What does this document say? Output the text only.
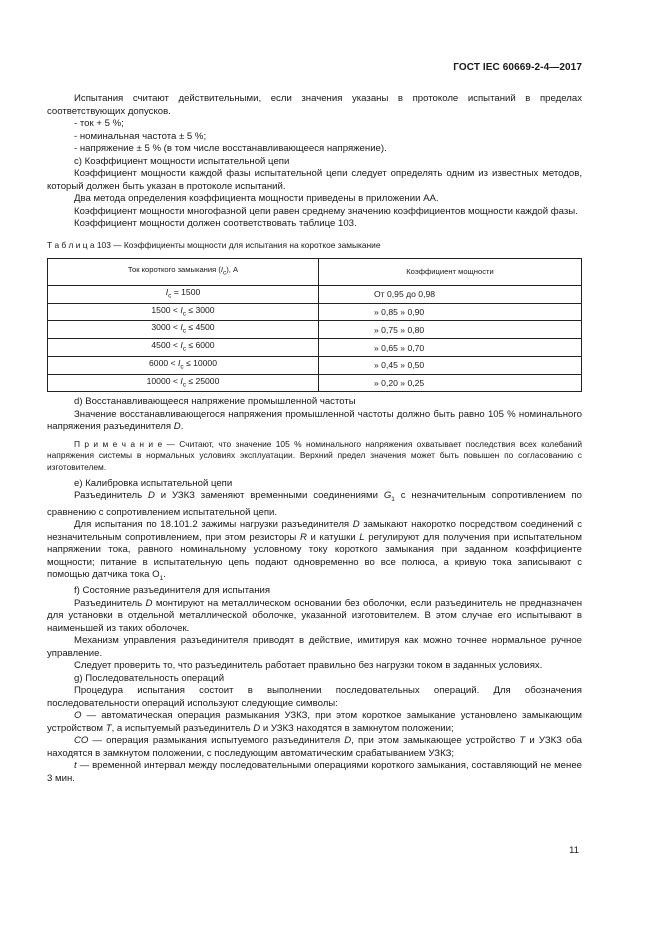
ГОСТ IEC 60669-2-4—2017

Испытания считают действительными, если значения указаны в протоколе испытаний в пределах соответствующих допусков.

- ток + 5 %;

- номинальная частота ± 5 %;

- напряжение ± 5 % (в том числе восстанавливающееся напряжение).

с) Коэффициент мощности испытательной цепи

Коэффициент мощности каждой фазы испытательной цепи следует определять одним из известных методов, который должен быть указан в протоколе испытаний.

Два метода определения коэффициента мощности приведены в приложении АА.

Коэффициент мощности многофазной цепи равен среднему значению коэффициентов мощности каждой фазы.

Коэффициент мощности должен соответствовать таблице 103.

Т а б л и ц а 103 — Коэффициенты мощности для испытания на короткое замыкание

Ток короткого замыкания $(I_с)$, А	Коэффициент мощности
$I_с = 1500$	От 0,95 до 0,98
$1500 < I_с \le 3000$	» 0,85 » 0,90
$3000 < I_с \le 4500$	» 0,75 » 0,80
$4500 < I_с \le 6000$	» 0,65 » 0,70
$6000 < I_с \le 10000$	» 0,45 » 0,50
$10000 < I_с \le 25000$	» 0,20 » 0,25

d) Восстанавливающееся напряжение промышленной частоты

Значение восстанавливающегося напряжения промышленной частоты должно быть равно 105 % номинального напряжения разъединителя D.

П р и м е ч а н и е — Считают, что значение 105 % номинального напряжения охватывает последствия всех колебаний напряжения системы в нормальных условиях эксплуатации. Верхний предел значения может быть повышен по согласованию с изготовителем.

е) Калибровка испытательной цепи

Разъединитель D и УЗКЗ заменяют временными соединениями $G_1$ с незначительным сопротивлением по сравнению с сопротивлением испытательной цепи.

Для испытания по 18.101.2 зажимы нагрузки разъединителя D замыкают накоротко посредством соединений с незначительным сопротивлением, при этом резисторы R и катушки L регулируют для получения при испытательном напряжении тока, равного номинальному условному току короткого замыкания при заданном коэффициенте мощности; питание в испытательную цепь подают одновременно во все полюса, а кривую тока записывают с помощью датчика тока $О_1$.

f) Состояние разъединителя для испытания

Разъединитель D монтируют на металлическом основании без оболочки, если разъединитель не предназначен для установки в отдельной металлической оболочке, указанной изготовителем. В этом случае его испытывают в наименьшей из таких оболочек.

Механизм управления разъединителя приводят в действие, имитируя как можно точнее нормальное ручное управление.

Следует проверить то, что разъединитель работает правильно без нагрузки током в заданных условиях.

g) Последовательность операций

Процедура испытания состоит в выполнении последовательных операций. Для обозначения последовательности операций используют следующие символы:

О — автоматическая операция размыкания УЗКЗ, при этом короткое замыкание установлено замыкающим устройством Т, а испытуемый разъединитель D и УЗКЗ находятся в замкнутом положении;

СО — операция размыкания испытуемого разъединителя D, при этом замыкающее устройство Т и УЗКЗ оба находятся в замкнутом положении, с последующим автоматическим срабатыванием УЗКЗ;

t — временной интервал между последовательными операциями короткого замыкания, составляющий не менее 3 мин.

11
